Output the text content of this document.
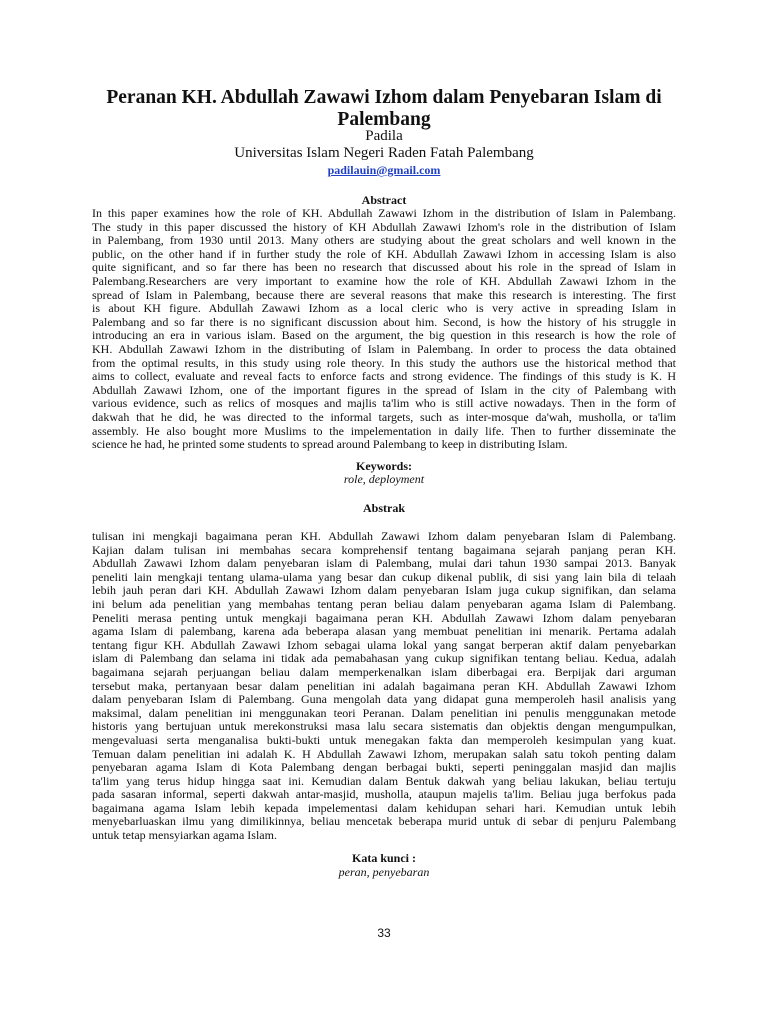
Peranan KH. Abdullah Zawawi Izhom dalam Penyebaran Islam di
Palembang
Padila
Universitas Islam Negeri Raden Fatah Palembang
padilauin@gmail.com
Abstract
In this paper examines how the role of KH. Abdullah Zawawi Izhom in the distribution of Islam in Palembang.
The study in this paper discussed the history of KH Abdullah Zawawi Izhom's role in the distribution of Islam
in Palembang, from 1930 until 2013. Many others are studying about the great scholars and well known in the
public, on the other hand if in further study the role of KH. Abdullah Zawawi Izhom in accessing Islam is also
quite significant, and so far there has been no research that discussed about his role in the spread of Islam in
Palembang.Researchers are very important to examine how the role of KH. Abdullah Zawawi Izhom in the
spread of Islam in Palembang, because there are several reasons that make this research is interesting. The first
is about KH figure. Abdullah Zawawi Izhom as a local cleric who is very active in spreading Islam in
Palembang and so far there is no significant discussion about him. Second, is how the history of his struggle in
introducing an era in various islam. Based on the argument, the big question in this research is how the role of
KH. Abdullah Zawawi Izhom in the distributing of Islam in Palembang. In order to process the data obtained
from the optimal results, in this study using role theory. In this study the authors use the historical method that
aims to collect, evaluate and reveal facts to enforce facts and strong evidence. The findings of this study is K. H
Abdullah Zawawi Izhom, one of the important figures in the spread of Islam in the city of Palembang with
various evidence, such as relics of mosques and majlis ta'lim who is still active nowadays. Then in the form of
dakwah that he did, he was directed to the informal targets, such as inter-mosque da'wah, musholla, or ta'lim
assembly. He also bought more Muslims to the impelementation in daily life. Then to further disseminate the
science he had, he printed some students to spread around Palembang to keep in distributing Islam.
Keywords:
role, deployment
Abstrak
tulisan ini mengkaji bagaimana peran KH. Abdullah Zawawi Izhom dalam penyebaran Islam di Palembang.
Kajian dalam tulisan ini membahas secara komprehensif tentang bagaimana sejarah panjang peran KH.
Abdullah Zawawi Izhom dalam penyebaran islam di Palembang, mulai dari tahun 1930 sampai 2013. Banyak
peneliti lain mengkaji tentang ulama-ulama yang besar dan cukup dikenal publik, di sisi yang lain bila di telaah
lebih jauh peran dari KH. Abdullah Zawawi Izhom dalam penyebaran Islam juga cukup signifikan, dan selama
ini belum ada penelitian yang membahas tentang peran beliau dalam penyebaran agama Islam di Palembang.
Peneliti merasa penting untuk mengkaji bagaimana peran KH. Abdullah Zawawi Izhom dalam penyebaran
agama Islam di palembang, karena ada beberapa alasan yang membuat penelitian ini menarik. Pertama adalah
tentang figur KH. Abdullah Zawawi Izhom sebagai ulama lokal yang sangat berperan aktif dalam penyebarkan
islam di Palembang dan selama ini tidak ada pemabahasan yang cukup signifikan tentang beliau. Kedua, adalah
bagaimana sejarah perjuangan beliau dalam memperkenalkan islam diberbagai era. Berpijak dari arguman
tersebut maka, pertanyaan besar dalam penelitian ini adalah bagaimana peran KH. Abdullah Zawawi Izhom
dalam penyebaran Islam di Palembang. Guna mengolah data yang didapat guna memperoleh hasil analisis yang
maksimal, dalam penelitian ini menggunakan teori Peranan. Dalam penelitian ini penulis menggunakan metode
historis yang bertujuan untuk merekonstruksi masa lalu secara sistematis dan objektis dengan mengumpulkan,
mengevaluasi serta menganalisa bukti-bukti untuk menegakan fakta dan memperoleh kesimpulan yang kuat.
Temuan dalam penelitian ini adalah K. H Abdullah Zawawi Izhom, merupakan salah satu tokoh penting dalam
penyebaran agama Islam di Kota Palembang dengan berbagai bukti, seperti peninggalan masjid dan majlis
ta'lim yang terus hidup hingga saat ini. Kemudian dalam Bentuk dakwah yang beliau lakukan, beliau tertuju
pada sasaran informal, seperti dakwah antar-masjid, musholla, ataupun majelis ta'lim. Beliau juga berfokus pada
bagaimana agama Islam lebih kepada impelementasi dalam kehidupan sehari hari. Kemudian untuk lebih
menyebarluaskan ilmu yang dimilikinnya, beliau mencetak beberapa murid untuk di sebar di penjuru Palembang
untuk tetap mensyiarkan agama Islam.
Kata kunci :
peran, penyebaran
33
